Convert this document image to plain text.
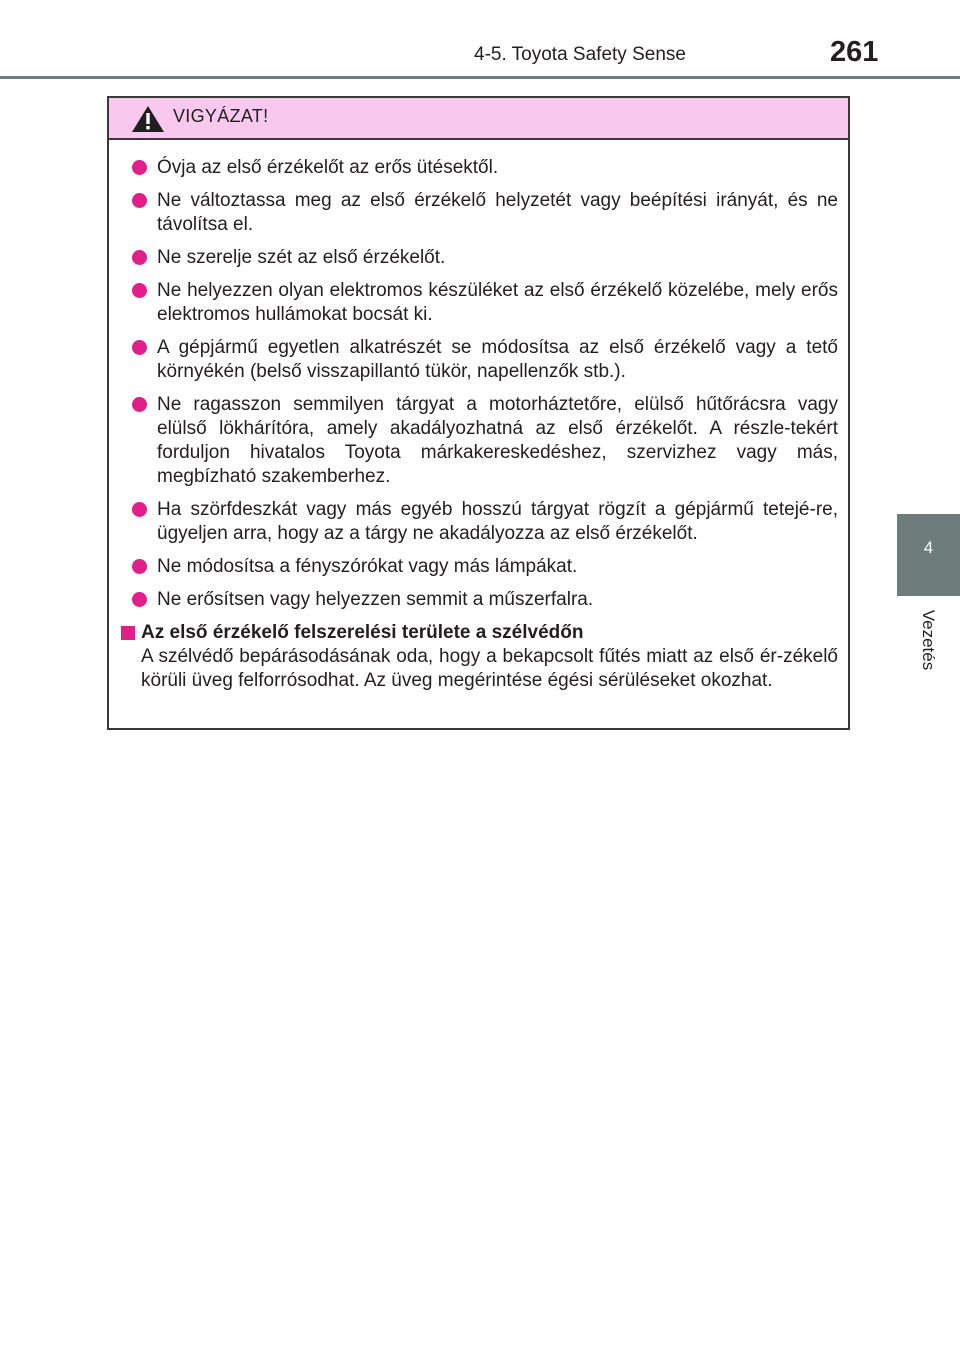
4-5. Toyota Safety Sense	261
4
Vezetés
VIGYÁZAT!
Óvja az első érzékelőt az erős ütésektől.
Ne változtassa meg az első érzékelő helyzetét vagy beépítési irányát, és ne távolítsa el.
Ne szerelje szét az első érzékelőt.
Ne helyezzen olyan elektromos készüléket az első érzékelő közelébe, mely erős elektromos hullámokat bocsát ki.
A gépjármű egyetlen alkatrészét se módosítsa az első érzékelő vagy a tető környékén (belső visszapillantó tükör, napellenzők stb.).
Ne ragasszon semmilyen tárgyat a motorháztetőre, elülső hűtőrácsra vagy elülső lökhárítóra, amely akadályozhatná az első érzékelőt. A részle-tekért forduljon hivatalos Toyota márkakereskedéshez, szervizhez vagy más, megbízható szakemberhez.
Ha szörfdeszkát vagy más egyéb hosszú tárgyat rögzít a gépjármű tetejé-re, ügyeljen arra, hogy az a tárgy ne akadályozza az első érzékelőt.
Ne módosítsa a fényszórókat vagy más lámpákat.
Ne erősítsen vagy helyezzen semmit a műszerfalra.
Az első érzékelő felszerelési területe a szélvédőn
A szélvédő bepárásodásának oda, hogy a bekapcsolt fűtés miatt az első ér-zékelő körüli üveg felforrósodhat. Az üveg megérintése égési sérüléseket okozhat.
